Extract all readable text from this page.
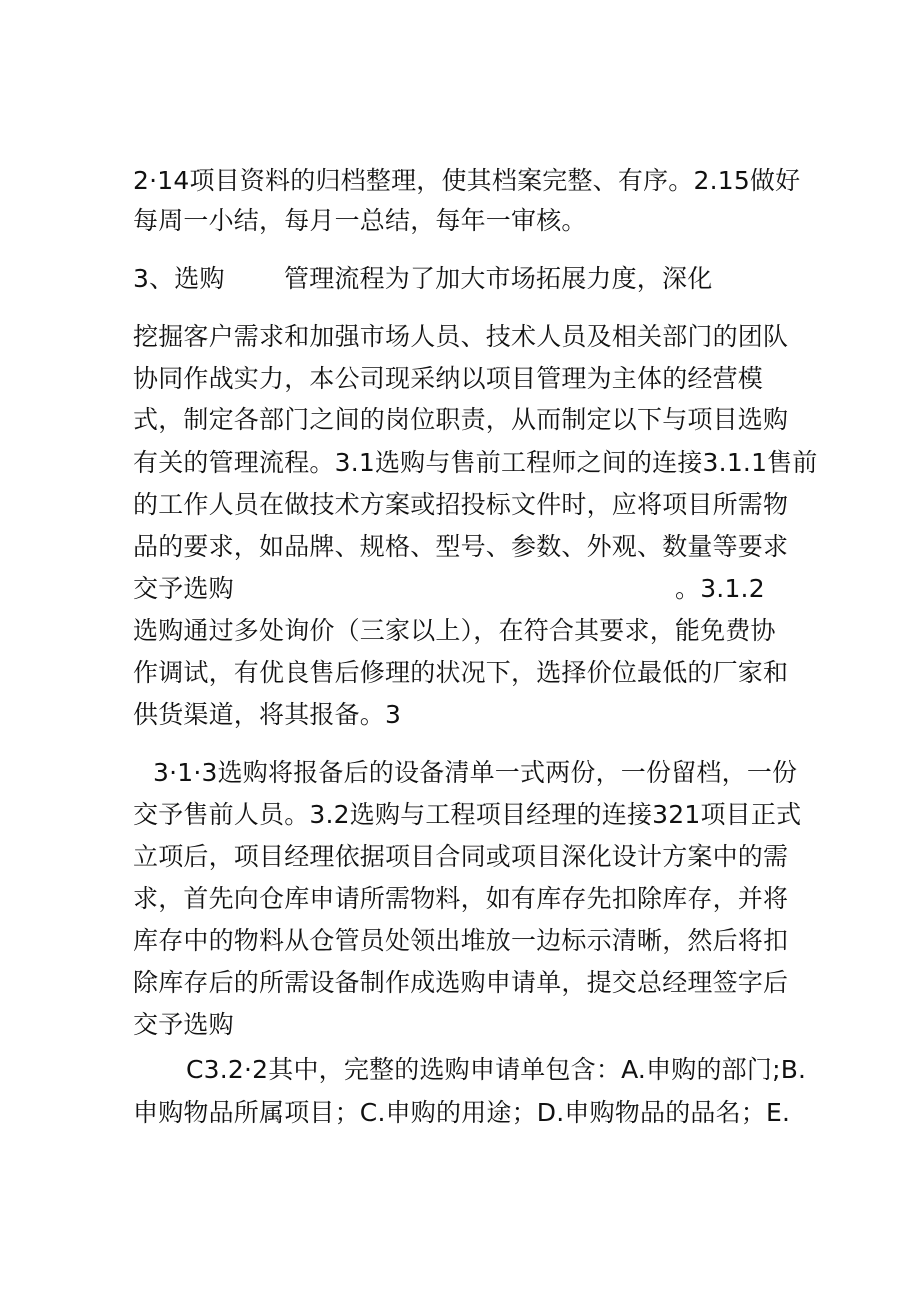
2·14项目资料的归档整理，使其档案完整、有序。2.15做好
每周一小结，每月一总结，每年一审核。
3、选购 管理流程为了加大市场拓展力度，深化
挖掘客户需求和加强市场人员、技术人员及相关部门的团队
协同作战实力，本公司现采纳以项目管理为主体的经营模
式，制定各部门之间的岗位职责，从而制定以下与项目选购
有关的管理流程。3.1选购与售前工程师之间的连接3.1.1售前
的工作人员在做技术方案或招投标文件时，应将项目所需物
品的要求，如品牌、规格、型号、参数、外观、数量等要求
交予选购	。3.1.2
选购通过多处询价（三家以上），在符合其要求，能免费协
作调试，有优良售后修理的状况下，选择价位最低的厂家和
供货渠道，将其报备。3
3·1·3选购将报备后的设备清单一式两份，一份留档，一份
交予售前人员。3.2选购与工程项目经理的连接321项目正式
立项后，项目经理依据项目合同或项目深化设计方案中的需
求，首先向仓库申请所需物料，如有库存先扣除库存，并将
库存中的物料从仓管员处领出堆放一边标示清晰，然后将扣
除库存后的所需设备制作成选购申请单，提交总经理签字后
交予选购
C3.2·2其中，完整的选购申请单包含：A.申购的部门;B.
申购物品所属项目；C.申购的用途；D.申购物品的品名；E.
